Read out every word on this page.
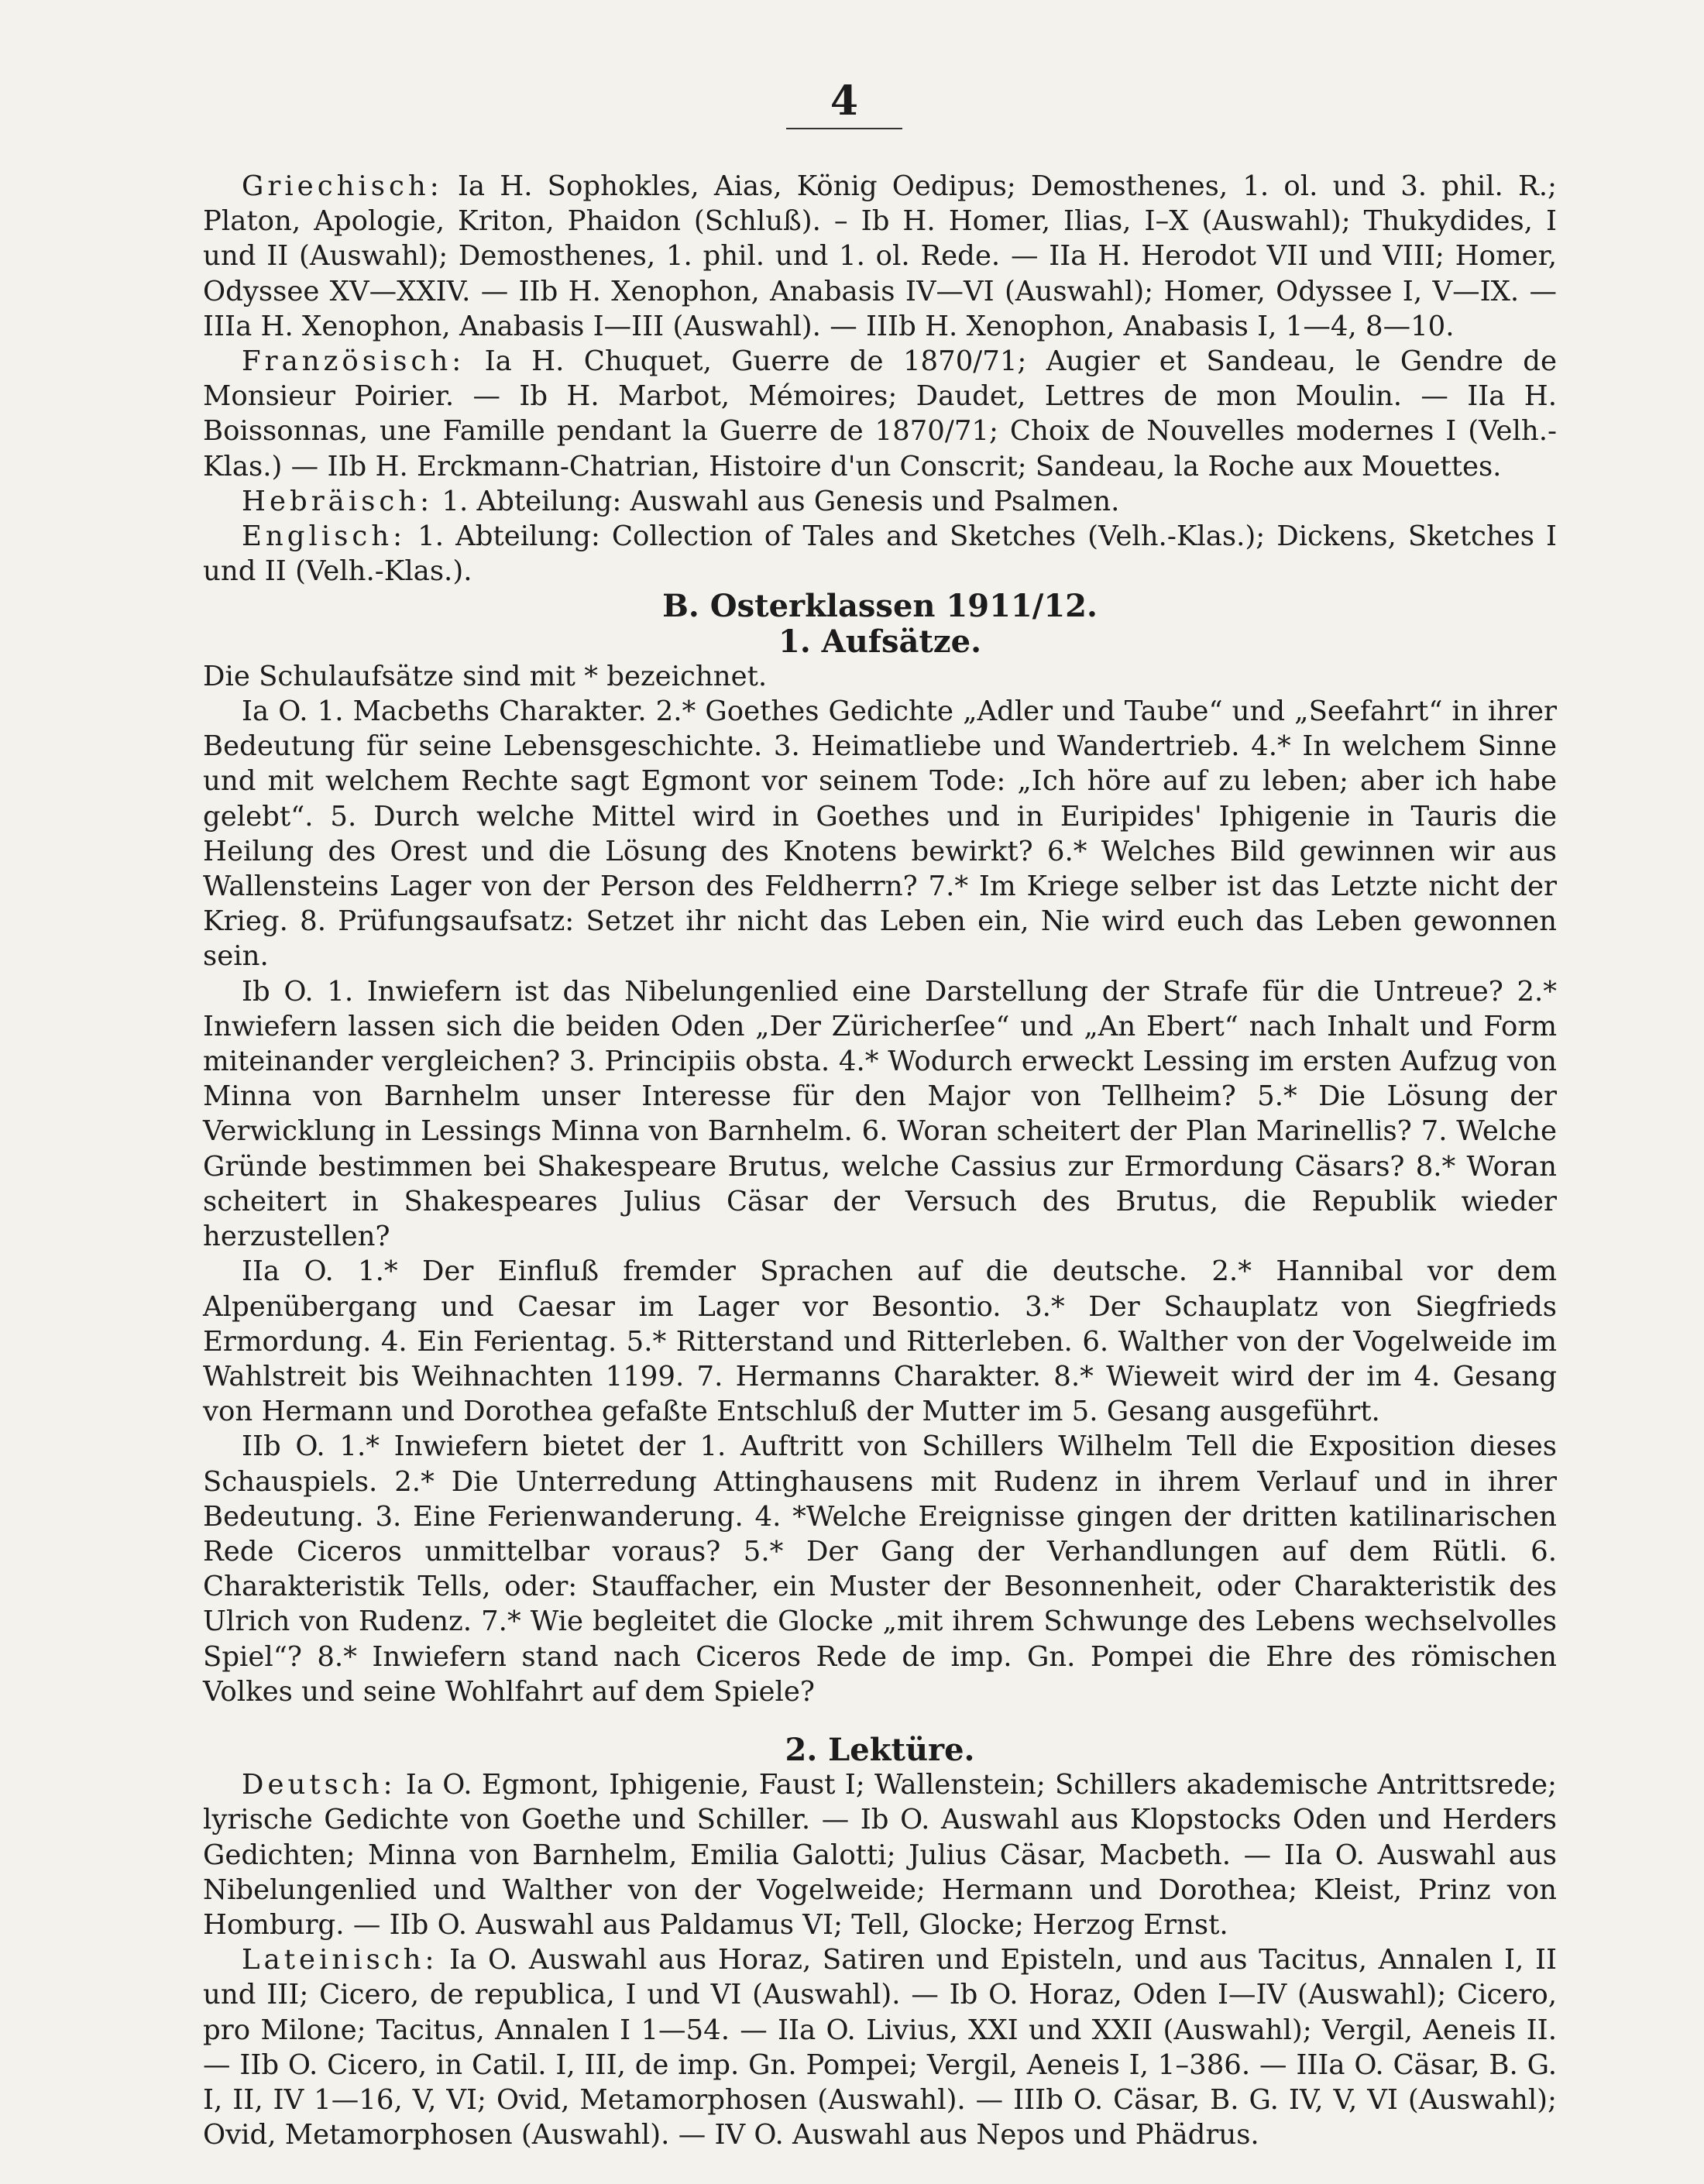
4

Griechisch: Ia H. Sophokles, Aias, König Oedipus; Demosthenes, 1. ol. und 3. phil. R.; Platon, Apologie, Kriton, Phaidon (Schluß). – Ib H. Homer, Ilias, I–X (Auswahl); Thukydides, I und II (Auswahl); Demosthenes, 1. phil. und 1. ol. Rede. — IIa H. Herodot VII und VIII; Homer, Odyssee XV—XXIV. — IIb H. Xenophon, Anabasis IV—VI (Auswahl); Homer, Odyssee I, V—IX. — IIIa H. Xenophon, Anabasis I—III (Auswahl). — IIIb H. Xenophon, Anabasis I, 1—4, 8—10.

Französisch: Ia H. Chuquet, Guerre de 1870/71; Augier et Sandeau, le Gendre de Monsieur Poirier. — Ib H. Marbot, Mémoires; Daudet, Lettres de mon Moulin. — IIa H. Boissonnas, une Famille pendant la Guerre de 1870/71; Choix de Nouvelles modernes I (Velh.-Klas.) — IIb H. Erckmann-Chatrian, Histoire d'un Conscrit; Sandeau, la Roche aux Mouettes.

Hebräisch: 1. Abteilung: Auswahl aus Genesis und Psalmen.

Englisch: 1. Abteilung: Collection of Tales and Sketches (Velh.-Klas.); Dickens, Sketches I und II (Velh.-Klas.).

B. Osterklassen 1911/12.

1. Aufsätze.

Die Schulaufsätze sind mit * bezeichnet.

Ia O. 1. Macbeths Charakter. 2.* Goethes Gedichte „Adler und Taube“ und „Seefahrt“ in ihrer Bedeutung für seine Lebensgeschichte. 3. Heimatliebe und Wandertrieb. 4.* In welchem Sinne und mit welchem Rechte sagt Egmont vor seinem Tode: „Ich höre auf zu leben; aber ich habe gelebt“. 5. Durch welche Mittel wird in Goethes und in Euripides' Iphigenie in Tauris die Heilung des Orest und die Lösung des Knotens bewirkt? 6.* Welches Bild gewinnen wir aus Wallensteins Lager von der Person des Feldherrn? 7.* Im Kriege selber ist das Letzte nicht der Krieg. 8. Prüfungsaufsatz: Setzet ihr nicht das Leben ein, Nie wird euch das Leben gewonnen sein.

Ib O. 1. Inwiefern ist das Nibelungenlied eine Darstellung der Strafe für die Untreue? 2.* Inwiefern lassen sich die beiden Oden „Der Züricherſee“ und „An Ebert“ nach Inhalt und Form miteinander vergleichen? 3. Principiis obsta. 4.* Wodurch erweckt Lessing im ersten Aufzug von Minna von Barnhelm unser Interesse für den Major von Tellheim? 5.* Die Lösung der Verwicklung in Lessings Minna von Barnhelm. 6. Woran scheitert der Plan Marinellis? 7. Welche Gründe bestimmen bei Shakespeare Brutus, welche Cassius zur Ermordung Cäsars? 8.* Woran scheitert in Shakespeares Julius Cäsar der Versuch des Brutus, die Republik wieder herzustellen?

IIa O. 1.* Der Einfluß fremder Sprachen auf die deutsche. 2.* Hannibal vor dem Alpenübergang und Caesar im Lager vor Besontio. 3.* Der Schauplatz von Siegfrieds Ermordung. 4. Ein Ferientag. 5.* Ritterstand und Ritterleben. 6. Walther von der Vogelweide im Wahlstreit bis Weihnachten 1199. 7. Hermanns Charakter. 8.* Wieweit wird der im 4. Gesang von Hermann und Dorothea gefaßte Entschluß der Mutter im 5. Gesang ausgeführt.

IIb O. 1.* Inwiefern bietet der 1. Auftritt von Schillers Wilhelm Tell die Exposition dieses Schauspiels. 2.* Die Unterredung Attinghausens mit Rudenz in ihrem Verlauf und in ihrer Bedeutung. 3. Eine Ferienwanderung. 4. *Welche Ereignisse gingen der dritten katilinarischen Rede Ciceros unmittelbar voraus? 5.* Der Gang der Verhandlungen auf dem Rütli. 6. Charakteristik Tells, oder: Stauffacher, ein Muster der Besonnenheit, oder Charakteristik des Ulrich von Rudenz. 7.* Wie begleitet die Glocke „mit ihrem Schwunge des Lebens wechselvolles Spiel“? 8.* Inwiefern stand nach Ciceros Rede de imp. Gn. Pompei die Ehre des römischen Volkes und seine Wohlfahrt auf dem Spiele?

2. Lektüre.

Deutsch: Ia O. Egmont, Iphigenie, Faust I; Wallenstein; Schillers akademische Antrittsrede; lyrische Gedichte von Goethe und Schiller. — Ib O. Auswahl aus Klopstocks Oden und Herders Gedichten; Minna von Barnhelm, Emilia Galotti; Julius Cäsar, Macbeth. — IIa O. Auswahl aus Nibelungenlied und Walther von der Vogelweide; Hermann und Dorothea; Kleist, Prinz von Homburg. — IIb O. Auswahl aus Paldamus VI; Tell, Glocke; Herzog Ernst.

Lateinisch: Ia O. Auswahl aus Horaz, Satiren und Episteln, und aus Tacitus, Annalen I, II und III; Cicero, de republica, I und VI (Auswahl). — Ib O. Horaz, Oden I—IV (Auswahl); Cicero, pro Milone; Tacitus, Annalen I 1—54. — IIa O. Livius, XXI und XXII (Auswahl); Vergil, Aeneis II. — IIb O. Cicero, in Catil. I, III, de imp. Gn. Pompei; Vergil, Aeneis I, 1–386. — IIIa O. Cäsar, B. G. I, II, IV 1—16, V, VI; Ovid, Metamorphosen (Auswahl). — IIIb O. Cäsar, B. G. IV, V, VI (Auswahl); Ovid, Metamorphosen (Auswahl). — IV O. Auswahl aus Nepos und Phädrus.
